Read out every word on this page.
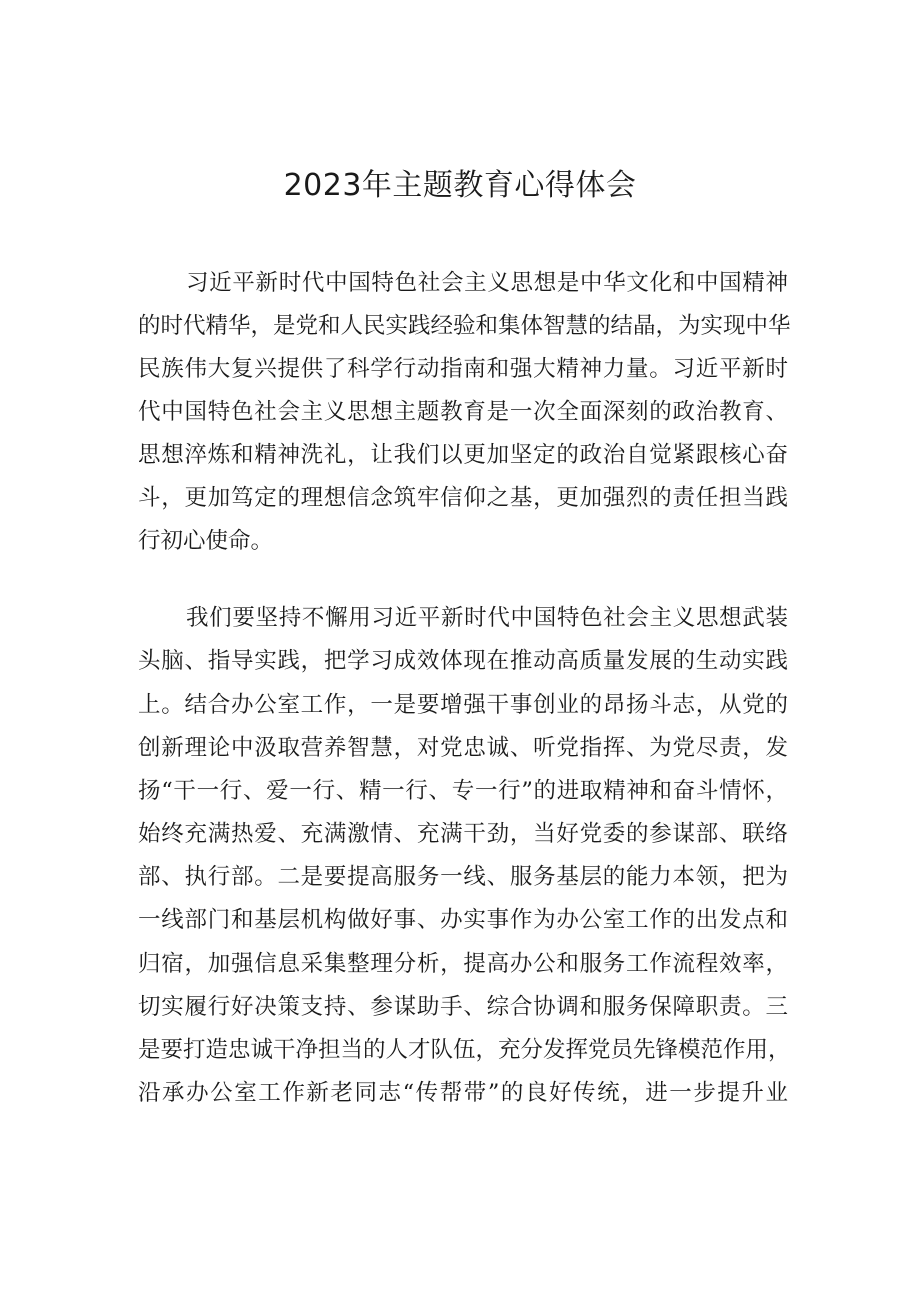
2023年主题教育心得体会
习近平新时代中国特色社会主义思想是中华文化和中国精神
的时代精华，是党和人民实践经验和集体智慧的结晶，为实现中华
民族伟大复兴提供了科学行动指南和强大精神力量。习近平新时
代中国特色社会主义思想主题教育是一次全面深刻的政治教育、
思想淬炼和精神洗礼，让我们以更加坚定的政治自觉紧跟核心奋
斗，更加笃定的理想信念筑牢信仰之基，更加强烈的责任担当践
行初心使命。
我们要坚持不懈用习近平新时代中国特色社会主义思想武装
头脑、指导实践，把学习成效体现在推动高质量发展的生动实践
上。结合办公室工作，一是要增强干事创业的昂扬斗志，从党的
创新理论中汲取营养智慧，对党忠诚、听党指挥、为党尽责，发
扬“干一行、爱一行、精一行、专一行”的进取精神和奋斗情怀，
始终充满热爱、充满激情、充满干劲，当好党委的参谋部、联络
部、执行部。二是要提高服务一线、服务基层的能力本领，把为
一线部门和基层机构做好事、办实事作为办公室工作的出发点和
归宿，加强信息采集整理分析，提高办公和服务工作流程效率，
切实履行好决策支持、参谋助手、综合协调和服务保障职责。三
是要打造忠诚干净担当的人才队伍，充分发挥党员先锋模范作用，
沿承办公室工作新老同志“传帮带”的良好传统，进一步提升业
